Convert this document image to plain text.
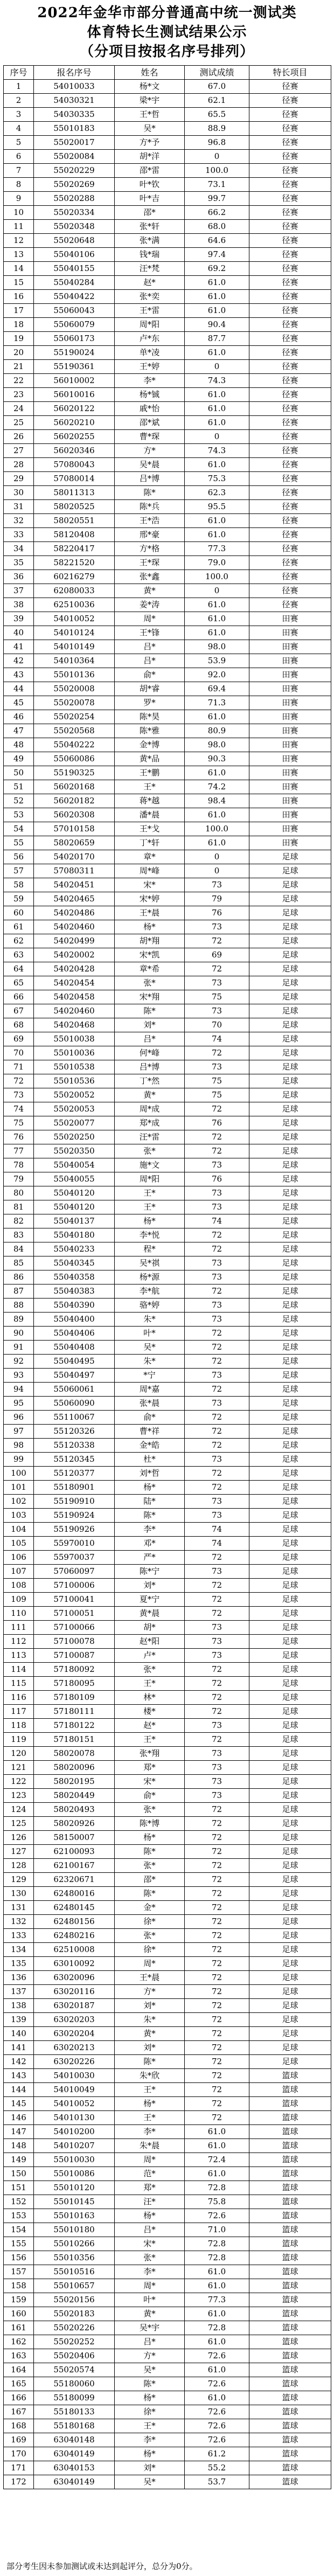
2022年金华市部分普通高中统一测试类
体育特长生测试结果公示
（分项目按报名序号排列）
序号	报名序号	姓名	测试成绩	特长项目
1	54010033	杨*文	67.0	径赛
2	54030321	梁*宇	62.1	径赛
3	54030335	王*哲	65.5	径赛
4	55010183	吴*	88.9	径赛
5	55020017	方*予	96.8	径赛
6	55020084	胡*洋	0	径赛
7	55020229	邵*雷	100.0	径赛
8	55020269	叶*钦	73.1	径赛
9	55020288	叶*吉	99.7	径赛
10	55020334	邵*	66.2	径赛
11	55020348	张*轩	68.0	径赛
12	55020648	张*满	64.6	径赛
13	55040106	钱*瑞	97.4	径赛
14	55040155	汪*梵	69.2	径赛
15	55040284	赵*	61.0	径赛
16	55040422	张*奕	61.0	径赛
17	55060043	王*雷	61.0	径赛
18	55060079	周*阳	90.4	径赛
19	55060173	卢*东	87.7	径赛
20	55190024	单*凌	61.0	径赛
21	55190361	王*婷	0	径赛
22	56010002	李*	74.3	径赛
23	56010016	杨*铖	61.0	径赛
24	56020122	戚*怡	61.0	径赛
25	56020210	邵*斌	61.0	径赛
26	56020255	曹*琛	0	径赛
27	56020346	方*	74.3	径赛
28	57080043	吴*晨	61.0	径赛
29	57080014	吕*博	75.3	径赛
30	58011313	陈*	62.3	径赛
31	58020525	陈*兵	95.5	径赛
32	58020551	王*浩	61.0	径赛
33	58120408	邢*豪	61.0	径赛
34	58220417	方*格	77.3	径赛
35	58221520	王*琛	79.0	径赛
36	60216279	张*鑫	100.0	径赛
37	62080033	黄*	0	径赛
38	62510036	姜*涛	61.0	径赛
39	54010052	周*	61.0	田赛
40	54010124	王*锋	61.0	田赛
41	54010149	吕*	98.0	田赛
42	54010364	吕*	53.9	田赛
43	55010136	俞*	92.0	田赛
44	55020008	胡*睿	69.4	田赛
45	55020078	罗*	71.3	田赛
46	55020254	陈*昊	61.0	田赛
47	55020568	陈*雅	80.9	田赛
48	55040222	金*博	98.0	田赛
49	55060086	黄*品	90.3	田赛
50	55190325	王*鹏	61.0	田赛
51	56020168	王*	74.2	田赛
52	56020182	蒋*越	98.4	田赛
53	56020308	潘*晨	61.0	田赛
54	57010158	王*戈	100.0	田赛
55	58020659	丁*轩	61.0	田赛
56	54020170	章*	0	足球
57	57080311	周*峰	0	足球
58	54020451	宋*	73	足球
59	54020465	宋*婷	79	足球
60	54020486	王*晨	76	足球
61	54020460	杨*	73	足球
62	54020499	胡*翔	72	足球
63	54020002	宋*凯	69	足球
64	54020428	章*希	72	足球
65	54020454	张*	73	足球
66	54020458	宋*翔	75	足球
67	54020460	陈*	73	足球
68	54020468	刘*	70	足球
69	55010038	吕*	74	足球
70	55010036	何*峰	72	足球
71	55010538	吕*博	73	足球
72	55010536	丁*然	75	足球
73	55020052	黄*	75	足球
74	55020053	周*成	72	足球
75	55020077	郑*成	76	足球
76	55020250	汪*雷	72	足球
77	55020350	张*	72	足球
78	55040054	施*文	73	足球
79	55040055	周*阳	76	足球
80	55040120	王*	73	足球
81	55040120	王*	73	足球
82	55040137	杨*	74	足球
83	55040180	李*悦	72	足球
84	55040233	程*	72	足球
85	55040345	吴*祺	73	足球
86	55040358	杨*源	73	足球
87	55040383	李*航	72	足球
88	55040390	骆*婷	73	足球
89	55040400	朱*	73	足球
90	55040406	叶*	72	足球
91	55040408	吴*	72	足球
92	55040495	朱*	72	足球
93	55040497	*宁	73	足球
94	55060061	周*嘉	72	足球
95	55060090	张*晨	73	足球
96	55110067	俞*	72	足球
97	55120326	曹*祥	72	足球
98	55120338	金*皓	72	足球
99	55120345	杜*	73	足球
100	55120377	刘*哲	72	足球
101	55180901	杨*	72	足球
102	55190910	陆*	73	足球
103	55190924	陈*	73	足球
104	55190926	李*	74	足球
105	55970010	邓*	74	足球
106	55970037	严*	72	足球
107	57060097	陈*宁	73	足球
108	57100006	刘*	72	足球
109	57100041	夏*宁	72	足球
110	57100051	黄*晨	72	足球
111	57100066	胡*	73	足球
112	57100078	赵*阳	73	足球
113	57100087	卢*	73	足球
114	57180092	张*	72	足球
115	57180095	王*	72	足球
116	57180109	林*	72	足球
117	57180111	楼*	72	足球
118	57180122	赵*	73	足球
119	57180151	王*	72	足球
120	58020078	张*翔	73	足球
121	58020096	郑*	73	足球
122	58020195	宋*	73	足球
123	58020449	俞*	73	足球
124	58020493	张*	72	足球
125	58020926	陈*博	72	足球
126	58150007	杨*	72	足球
127	62100093	陈*	72	足球
128	62100167	张*	72	足球
129	62320671	邵*	72	足球
130	62480016	陈*	72	足球
131	62480145	金*	72	足球
132	62480156	徐*	72	足球
133	62480216	张*	72	足球
134	62510008	徐*	72	足球
135	63010092	周*	72	足球
136	63020096	王*晨	72	足球
137	63020116	方*	72	足球
138	63020187	刘*	72	足球
139	63020203	朱*	72	足球
140	63020204	黄*	72	足球
141	63020213	刘*	72	足球
142	63020226	陈*	72	足球
143	54010030	朱*欣	72	篮球
144	54010049	王*	72	篮球
145	54010052	杨*	72	篮球
146	54010130	王*	72	篮球
147	54010200	李*	61.0	篮球
148	54010207	朱*晨	61.0	篮球
149	55010030	周*	72.4	篮球
150	55010086	范*	61.0	篮球
151	55010120	郑*	72.8	篮球
152	55010145	汪*	75.8	篮球
153	55010163	杨*	72.6	篮球
154	55010180	吕*	71.0	篮球
155	55010266	宋*	72.8	篮球
156	55010356	张*	72.8	篮球
157	55010516	李*	61.0	篮球
158	55010657	周*	61.0	篮球
159	55020156	叶*	77.3	篮球
160	55020183	黄*	61.0	篮球
161	55020226	吴*宇	72.8	篮球
162	55020252	吕*	61.0	篮球
163	55020406	方*	72.6	篮球
164	55020574	吴*	61.0	篮球
165	55180060	陈*	72.6	篮球
166	55180099	杨*	61.0	篮球
167	55180133	徐*	72.6	篮球
168	55180168	王*	72.6	篮球
169	63040148	李*	72.6	篮球
170	63040149	杨*	61.2	篮球
171	63040153	刘*	55.2	篮球
172	63040149	吴*	53.7	篮球
部分考生因未参加测试或未达到起评分，总分为0分。
